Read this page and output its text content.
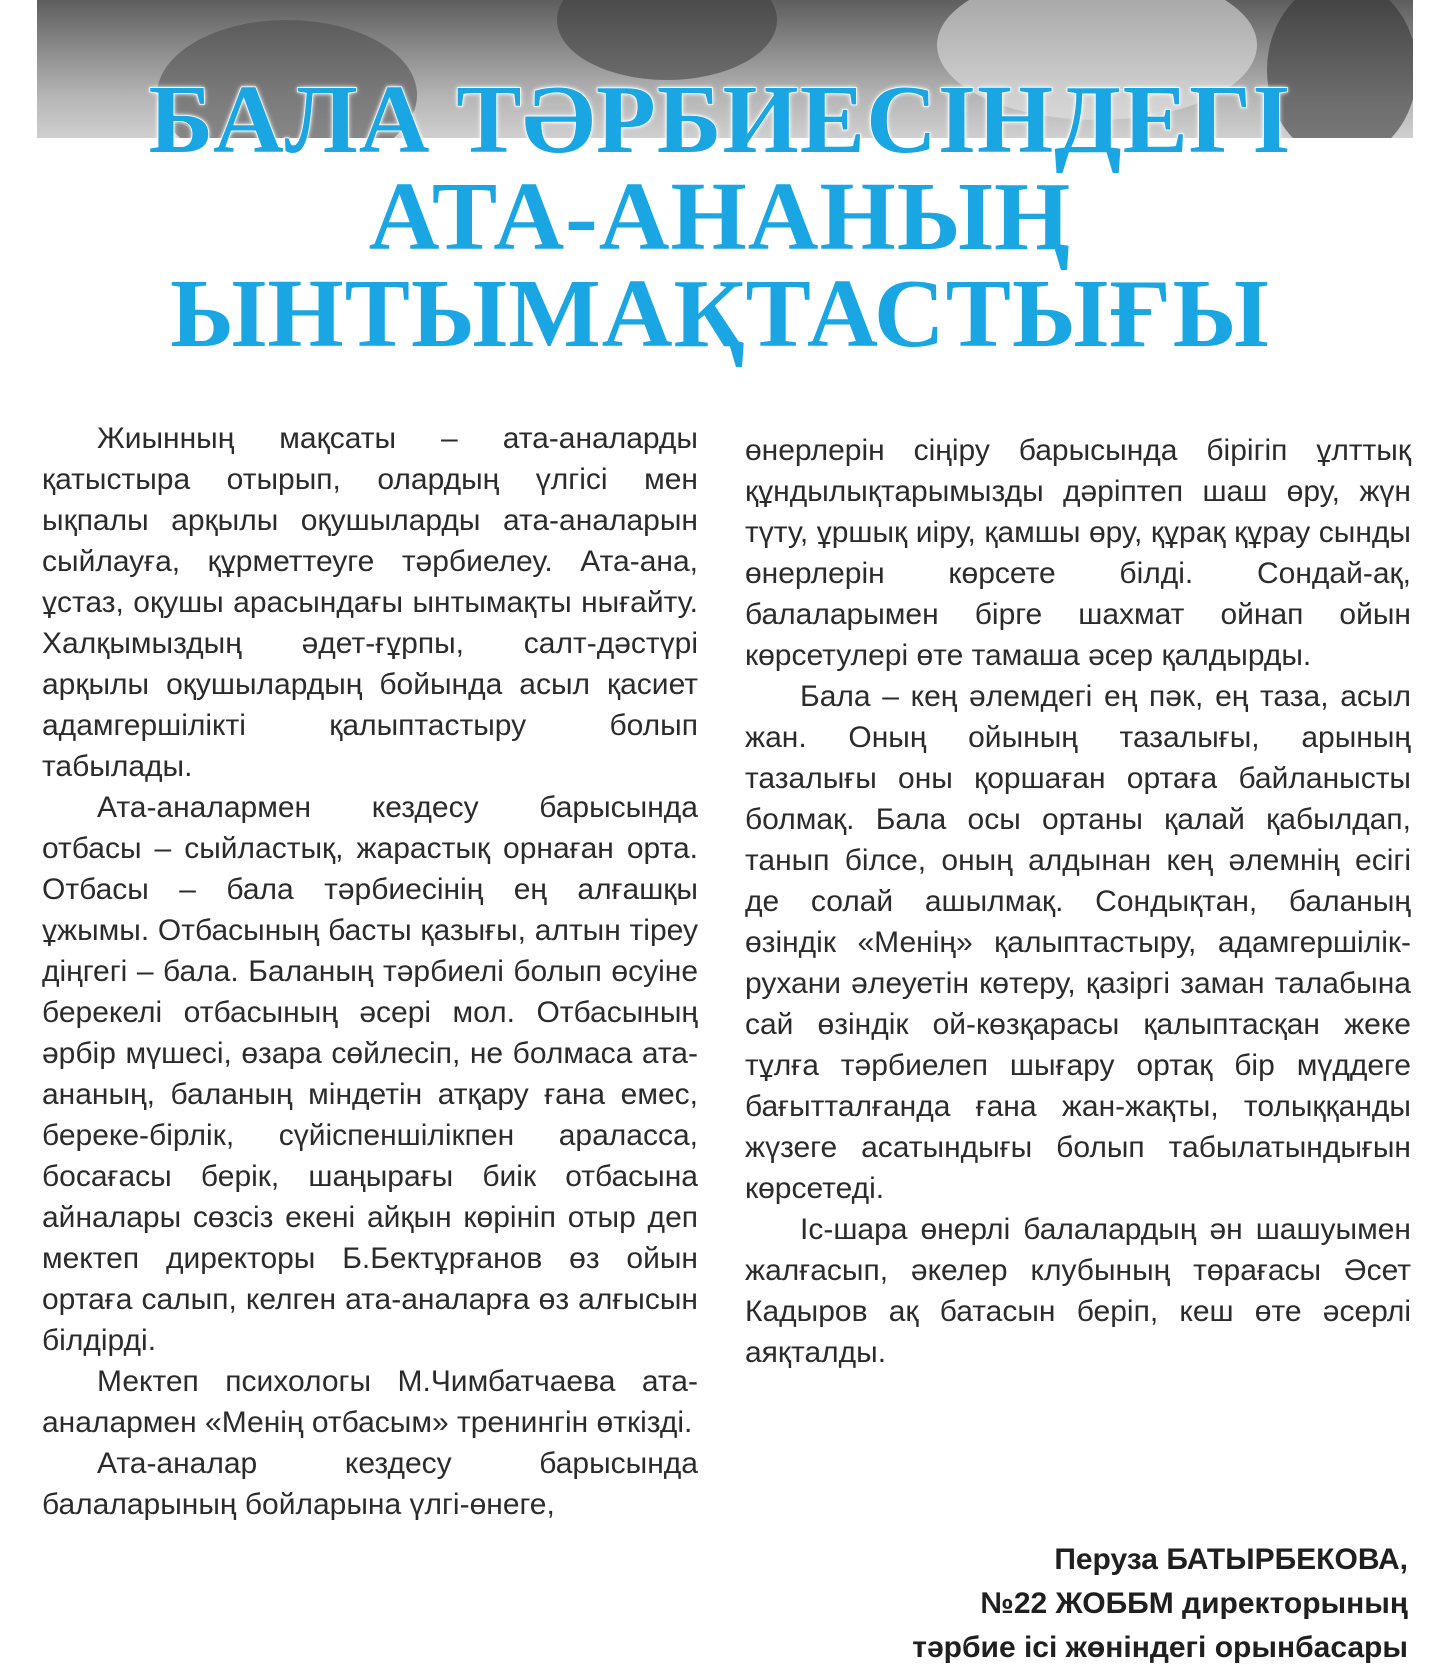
БАЛА ТӘРБИЕСІНДЕГІ
АТА-АНАНЫҢ
ЫНТЫМАҚТАСТЫҒЫ

Жиынның мақсаты – ата-аналарды қатыстыра отырып, олардың үлгісі мен ықпалы арқылы оқушыларды ата-аналарын сыйлауға, құрметтеуге тәрбиелеу. Ата-ана, ұстаз, оқушы арасындағы ынтымақты нығайту. Халқымыздың әдет-ғұрпы, салт-дәстүрі арқылы оқушылардың бойында асыл қасиет адамгершілікті қалыптастыру болып табылады.

Ата-аналармен кездесу барысында отбасы – сыйластық, жарастық орнаған орта. Отбасы – бала тәрбиесінің ең алғашқы ұжымы. Отбасының басты қазығы, алтын тіреу діңгегі – бала. Баланың тәрбиелі болып өсуіне берекелі отбасының әсері мол. Отбасының әрбір мүшесі, өзара сөйлесіп, не болмаса ата-ананың, баланың міндетін атқару ғана емес, береке-бірлік, сүйіспеншілікпен араласса, босағасы берік, шаңырағы биік отбасына айналары сөзсіз екені айқын көрініп отыр деп мектеп директоры Б.Бектұрғанов өз ойын ортаға салып, келген ата-аналарға өз алғысын білдірді.

Мектеп психологы М.Чимбатчаева ата-аналармен «Менің отбасым» тренингін өткізді.

Ата-аналар кездесу барысында балаларының бойларына үлгі-өнеге,

өнерлерін сіңіру барысында бірігіп ұлттық құндылықтарымызды дәріптеп шаш өру, жүн түту, ұршық иіру, қамшы өру, құрақ құрау сынды өнерлерін көрсете білді. Сондай-ақ, балаларымен бірге шахмат ойнап ойын көрсетулері өте тамаша әсер қалдырды.

Бала – кең әлемдегі ең пәк, ең таза, асыл жан. Оның ойының тазалығы, арының тазалығы оны қоршаған ортаға байланысты болмақ. Бала осы ортаны қалай қабылдап, танып білсе, оның алдынан кең әлемнің есігі де солай ашылмақ. Сондықтан, баланың өзіндік «Менің» қалыптастыру, адамгершілік-рухани әлеуетін көтеру, қазіргі заман талабына сай өзіндік ой-көзқарасы қалыптасқан жеке тұлға тәрбиелеп шығару ортақ бір мүддеге бағытталғанда ғана жан-жақты, толыққанды жүзеге асатындығы болып табылатындығын көрсетеді.

Іс-шара өнерлі балалардың ән шашуымен жалғасып, әкелер клубының төрағасы Әсет Кадыров ақ батасын беріп, кеш өте әсерлі аяқталды.

Перуза БАТЫРБЕКОВА,
№22 ЖОББМ директорының
тәрбие ісі жөніндегі орынбасары
